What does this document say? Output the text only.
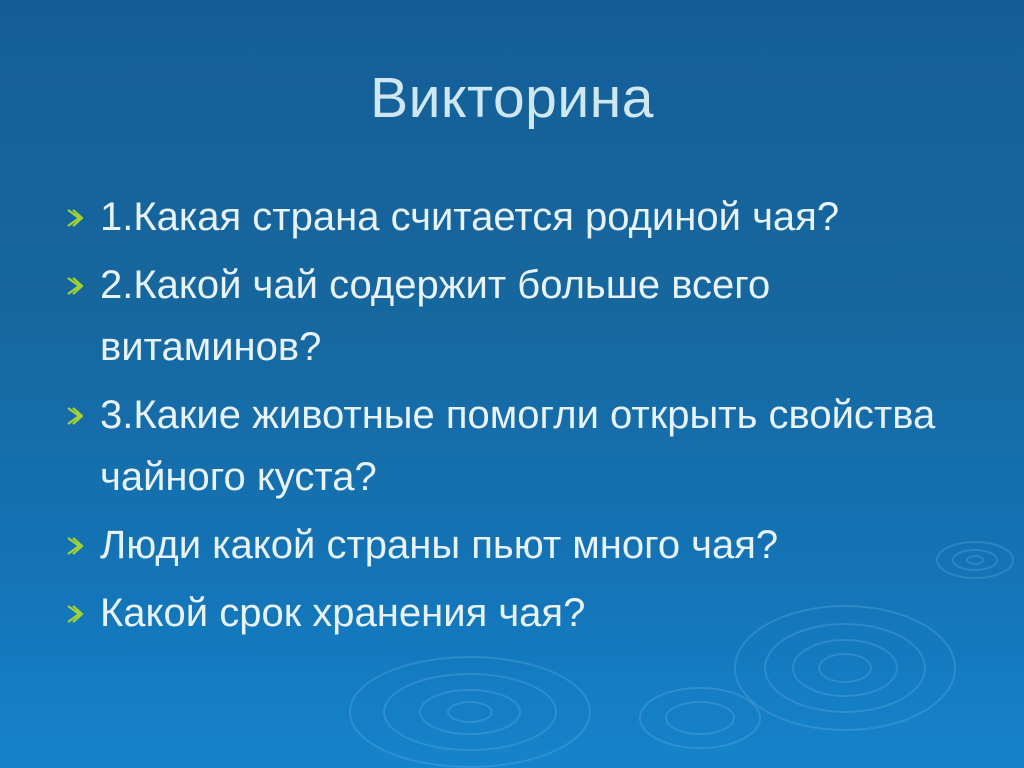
Викторина
1.Какая страна считается родиной чая?
2.Какой чай содержит больше всего витаминов?
3.Какие животные помогли открыть свойства чайного куста?
Люди какой страны пьют много чая?
Какой срок хранения чая?
